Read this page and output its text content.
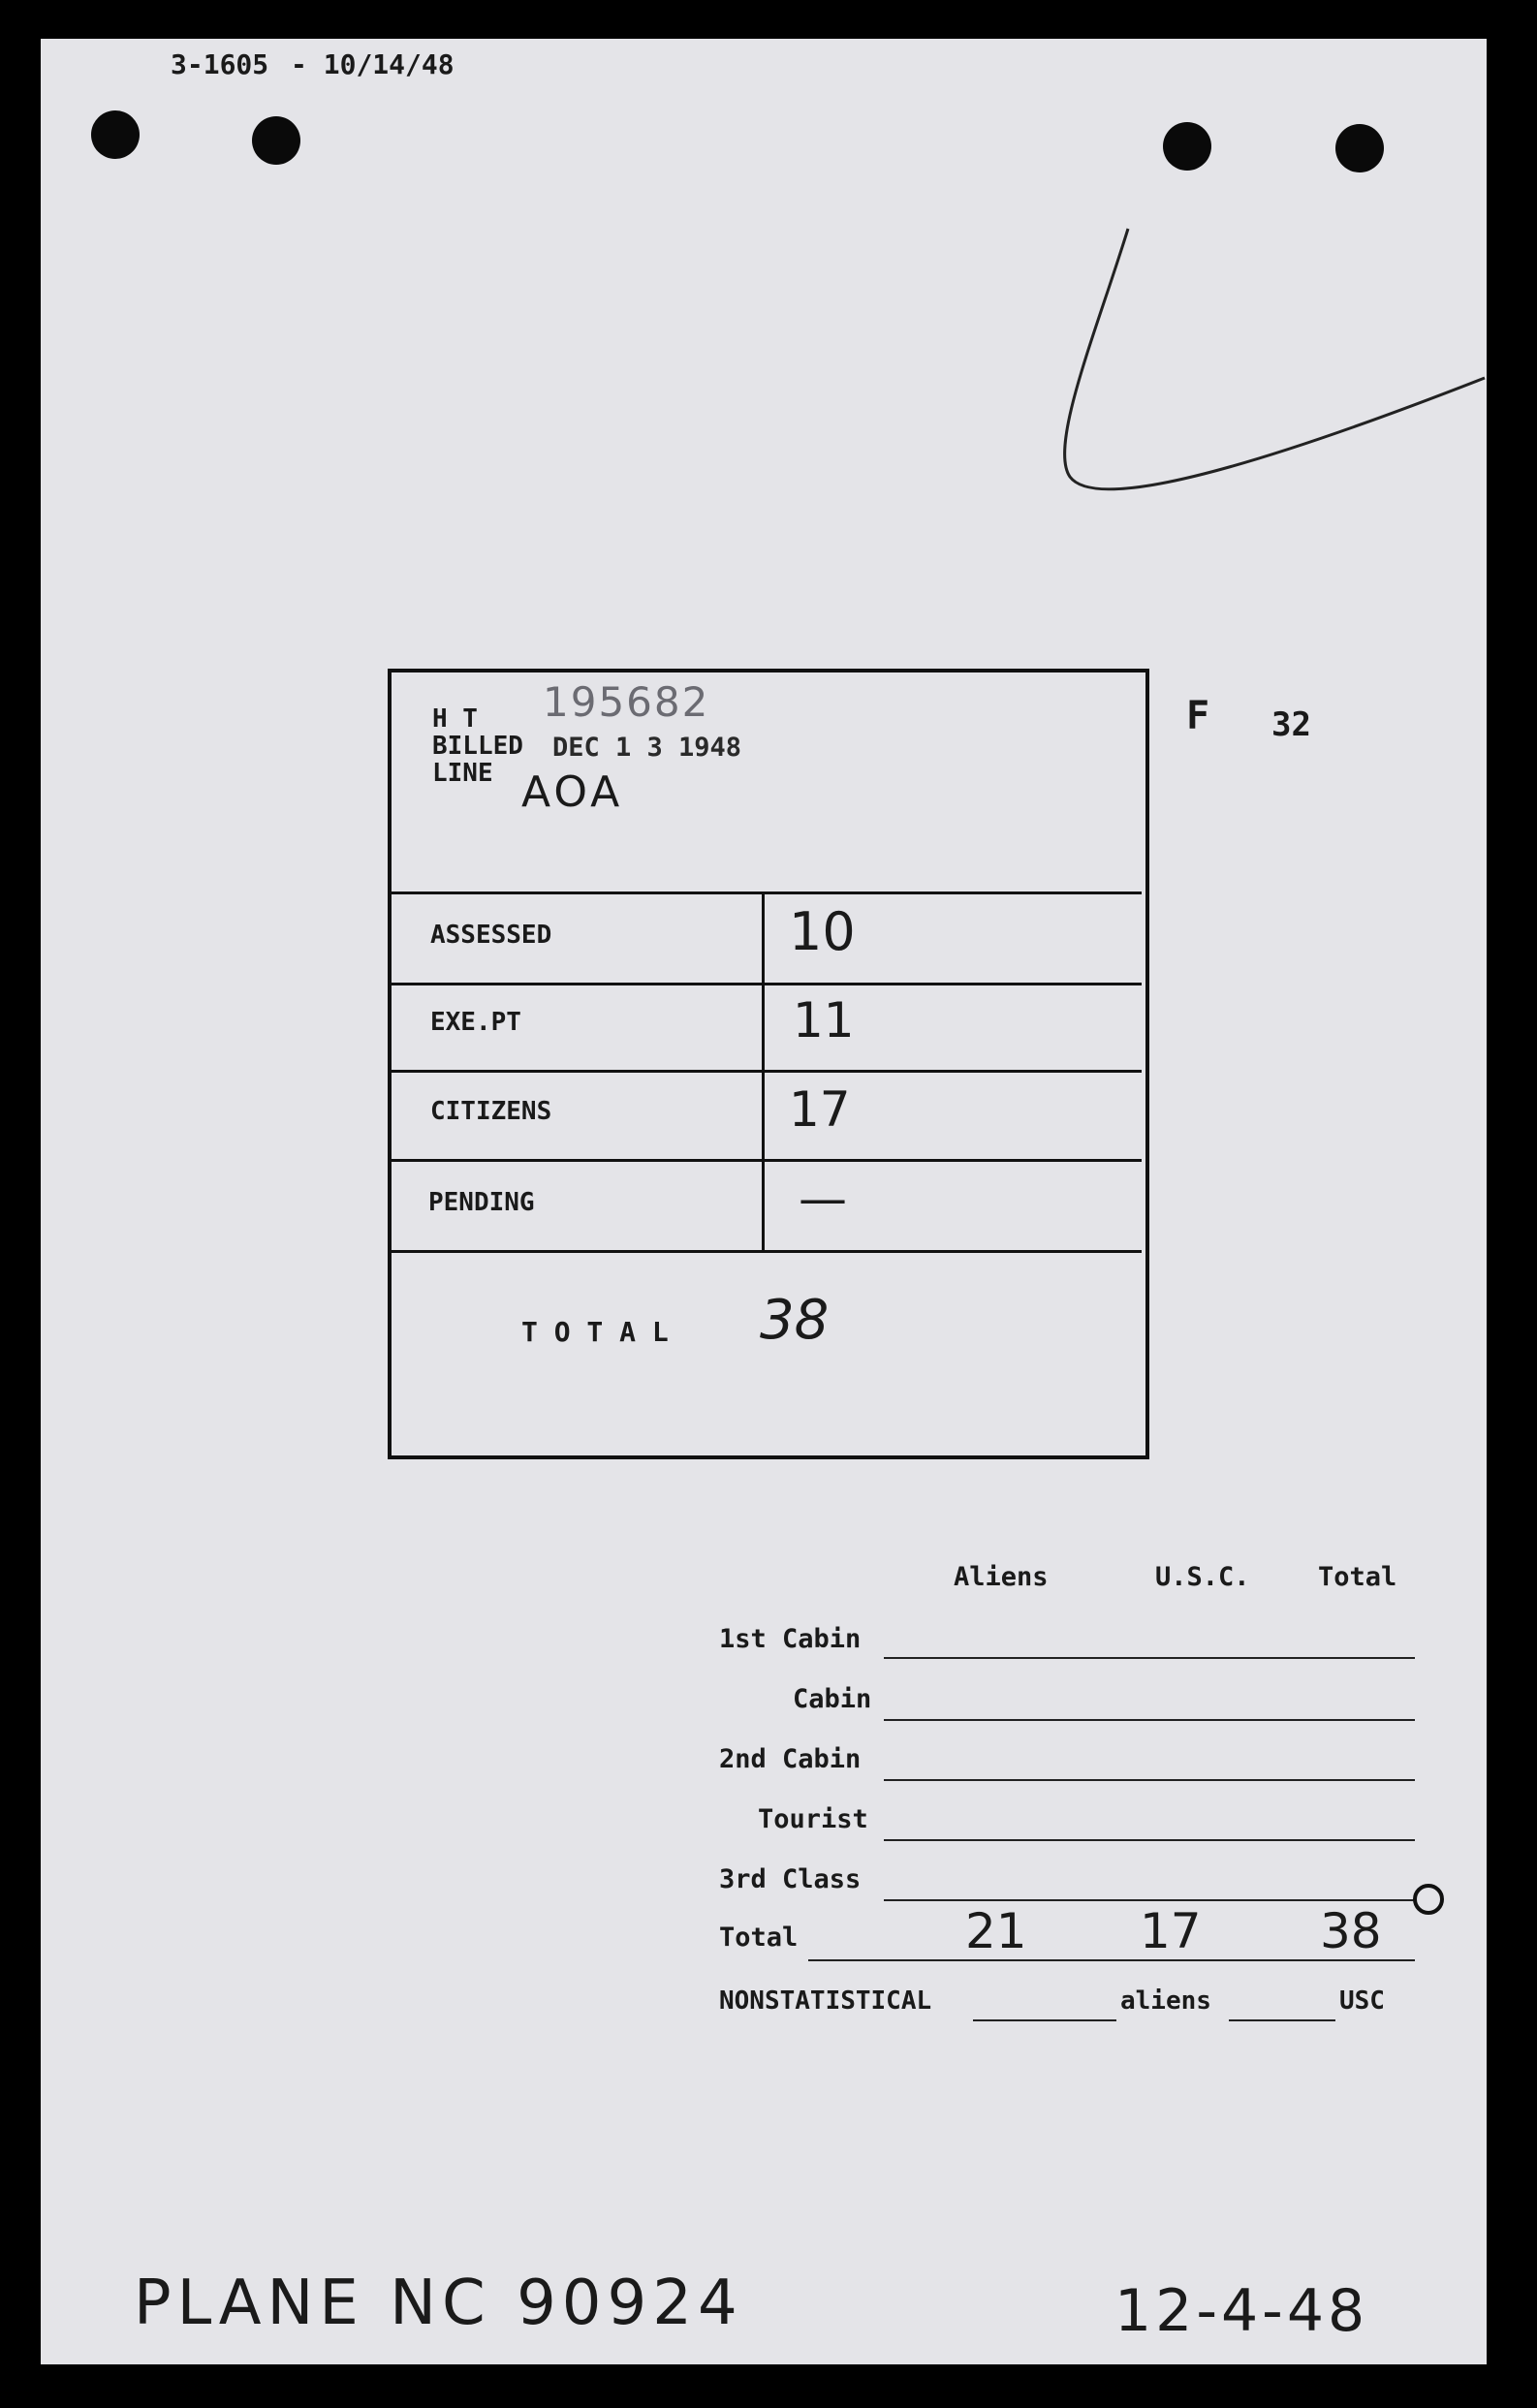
3-1605 - 10/14/48
H T
BILLED
LINE
195682
DEC 1 3 1948
AOA
F 32
ASSESSED	10
EXE.PT	11
CITIZENS	17
PENDING	—
T O T A L 38
Aliens	U.S.C.	Total
1st Cabin
Cabin
2nd Cabin
Tourist
3rd Class
Total	21 17 38
NONSTATISTICAL	aliens	USC
PLANE NC 90924	12-4-48
